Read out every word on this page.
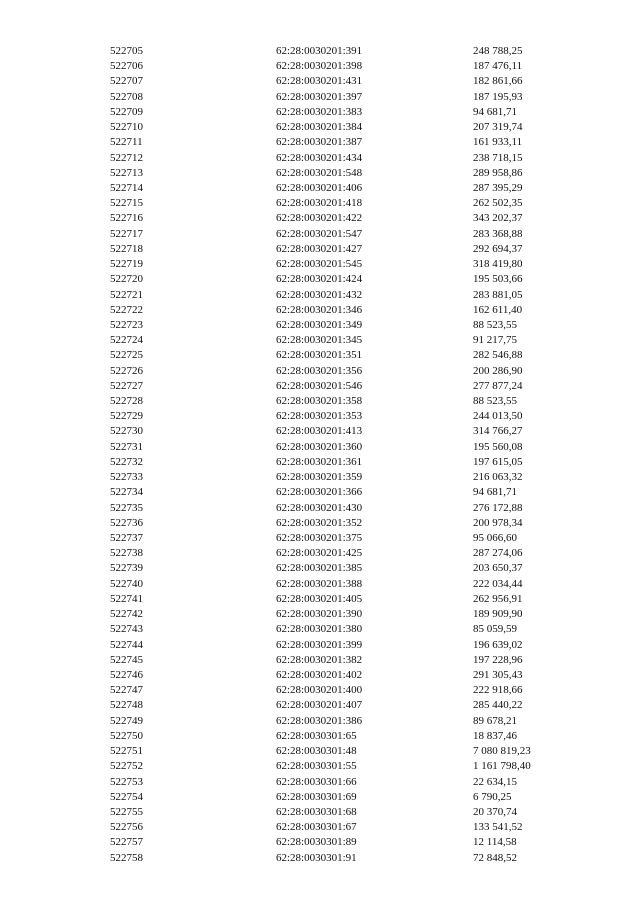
522705	62:28:0030201:391	248 788,25
522706	62:28:0030201:398	187 476,11
522707	62:28:0030201:431	182 861,66
522708	62:28:0030201:397	187 195,93
522709	62:28:0030201:383	94 681,71
522710	62:28:0030201:384	207 319,74
522711	62:28:0030201:387	161 933,11
522712	62:28:0030201:434	238 718,15
522713	62:28:0030201:548	289 958,86
522714	62:28:0030201:406	287 395,29
522715	62:28:0030201:418	262 502,35
522716	62:28:0030201:422	343 202,37
522717	62:28:0030201:547	283 368,88
522718	62:28:0030201:427	292 694,37
522719	62:28:0030201:545	318 419,80
522720	62:28:0030201:424	195 503,66
522721	62:28:0030201:432	283 881,05
522722	62:28:0030201:346	162 611,40
522723	62:28:0030201:349	88 523,55
522724	62:28:0030201:345	91 217,75
522725	62:28:0030201:351	282 546,88
522726	62:28:0030201:356	200 286,90
522727	62:28:0030201:546	277 877,24
522728	62:28:0030201:358	88 523,55
522729	62:28:0030201:353	244 013,50
522730	62:28:0030201:413	314 766,27
522731	62:28:0030201:360	195 560,08
522732	62:28:0030201:361	197 615,05
522733	62:28:0030201:359	216 063,32
522734	62:28:0030201:366	94 681,71
522735	62:28:0030201:430	276 172,88
522736	62:28:0030201:352	200 978,34
522737	62:28:0030201:375	95 066,60
522738	62:28:0030201:425	287 274,06
522739	62:28:0030201:385	203 650,37
522740	62:28:0030201:388	222 034,44
522741	62:28:0030201:405	262 956,91
522742	62:28:0030201:390	189 909,90
522743	62:28:0030201:380	85 059,59
522744	62:28:0030201:399	196 639,02
522745	62:28:0030201:382	197 228,96
522746	62:28:0030201:402	291 305,43
522747	62:28:0030201:400	222 918,66
522748	62:28:0030201:407	285 440,22
522749	62:28:0030201:386	89 678,21
522750	62:28:0030301:65	18 837,46
522751	62:28:0030301:48	7 080 819,23
522752	62:28:0030301:55	1 161 798,40
522753	62:28:0030301:66	22 634,15
522754	62:28:0030301:69	6 790,25
522755	62:28:0030301:68	20 370,74
522756	62:28:0030301:67	133 541,52
522757	62:28:0030301:89	12 114,58
522758	62:28:0030301:91	72 848,52
